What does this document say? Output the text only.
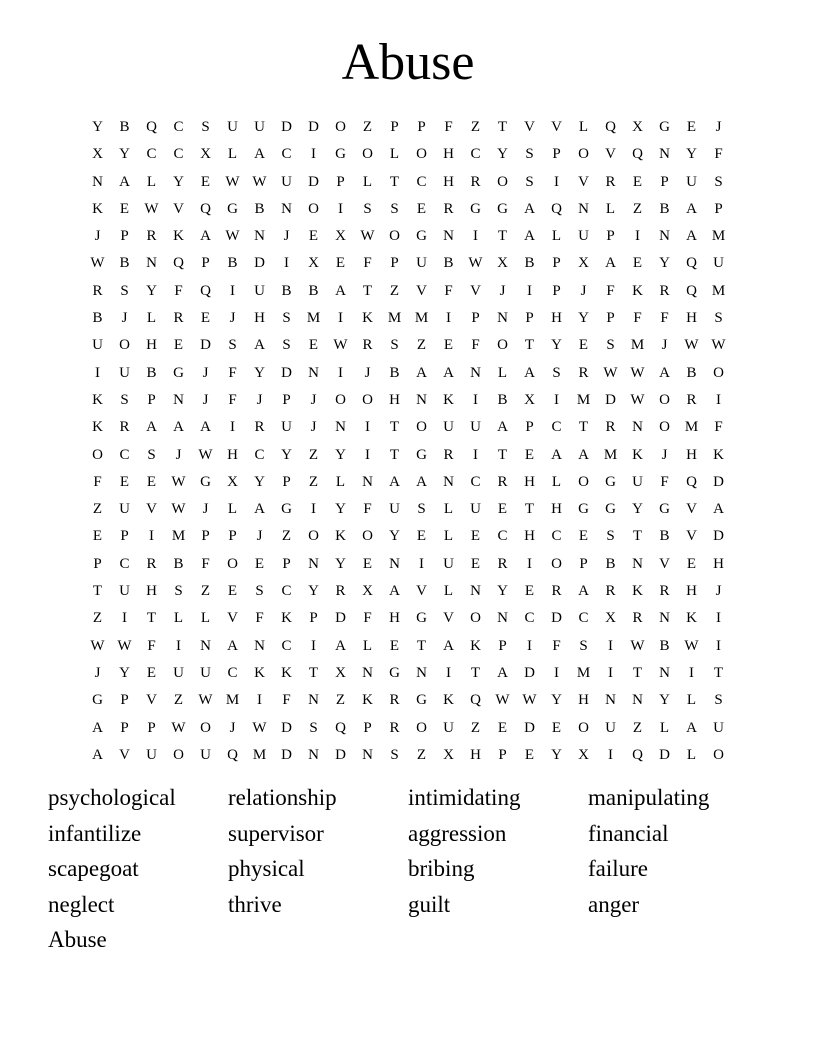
Abuse
Y	B	Q	C	S	U	U	D	D	O	Z	P	P	F	Z	T	V	V	L	Q	X	G	E	J
X	Y	C	C	X	L	A	C	I	G	O	L	O	H	C	Y	S	P	O	V	Q	N	Y	F
N	A	L	Y	E	W W U	D	P	L	T	C	H	R	O	S	I	V	R	E	P	U	S
K	E	W V	Q	G	B	N	O	I	S	S	E	R	G	G	A	Q	N	L	Z	B	A	P
J	P	R	K	A W N	J	E	X W O	G	N	I	T	A	L	U	P	I	N	A M
W B	N	Q	P	B	D	I	X	E	F	P	U	B W X	B	P	X	A	E	Y	Q	U
R	S	Y	F	Q	I	U	B	B	A	T	Z	V	F	V	J	I	P	J	F	K	R	Q M
B	J	L	R	E	J	H	S	M	I	K M M	I	P	N	P	H	Y	P	F	F	H	S
U	O	H	E	D	S	A	S	E	W R	S	Z	E	F	O	T	Y	E	S	M	J	W W
I	U	B	G	J	F	Y	D	N	I	J	B	A	A	N	L	A	S	R W W A	B	O
K	S	P	N	J	F	J	P	J	O	O	H	N	K	I	B	X	I	M D W O	R	I
K	R	A	A	A	I	R	U	J	N	I	T	O	U	U	A	P	C	T	R	N	O M	F
O	C	S	J	W H	C	Y	Z	Y	I	T	G	R	I	T	E	A	A M K	J	H	K
F	E	E	W G	X	Y	P	Z	L	N	A	A	N	C	R	H	L	O	G	U	F	Q	D
Z	U	V W	J	L	A	G	I	Y	F	U	S	L	U	E	T	H	G	G	Y	G	V	A
E	P	I	M	P	P	J	Z	O	K	O	Y	E	L	E	C	H	C	E	S	T	B	V	D
P	C	R	B	F	O	E	P	N	Y	E	N	I	U	E	R	I	O	P	B	N	V	E	H
T	U	H	S	Z	E	S	C	Y	R	X	A	V	L	N	Y	E	R	A	R	K	R	H	J
Z	I	T	L	L	V	F	K	P	D	F	H	G	V	O	N	C	D	C	X	R	N	K	I
W W	F	I	N	A	N	C	I	A	L	E	T	A	K	P	I	F	S	I	W B W	I
J	Y	E	U	U	C	K	K	T	X	N	G	N	I	T	A	D	I	M	I	T	N	I	T
G	P	V	Z	W M	I	F	N	Z	K	R	G	K	Q W W Y	H	N	N	Y	L	S
A	P	P	W O	J	W D	S	Q	P	R	O	U	Z	E	D	E	O	U	Z	L	A	U
A	V	U	O	U	Q M D	N	D	N	S	Z	X	H	P	E	Y	X	I	Q	D	L	O
psychological	relationship	intimidating	manipulating
infantilize	supervisor	aggression	financial
scapegoat	physical	bribing	failure
neglect	thrive	guilt	anger
Abuse
